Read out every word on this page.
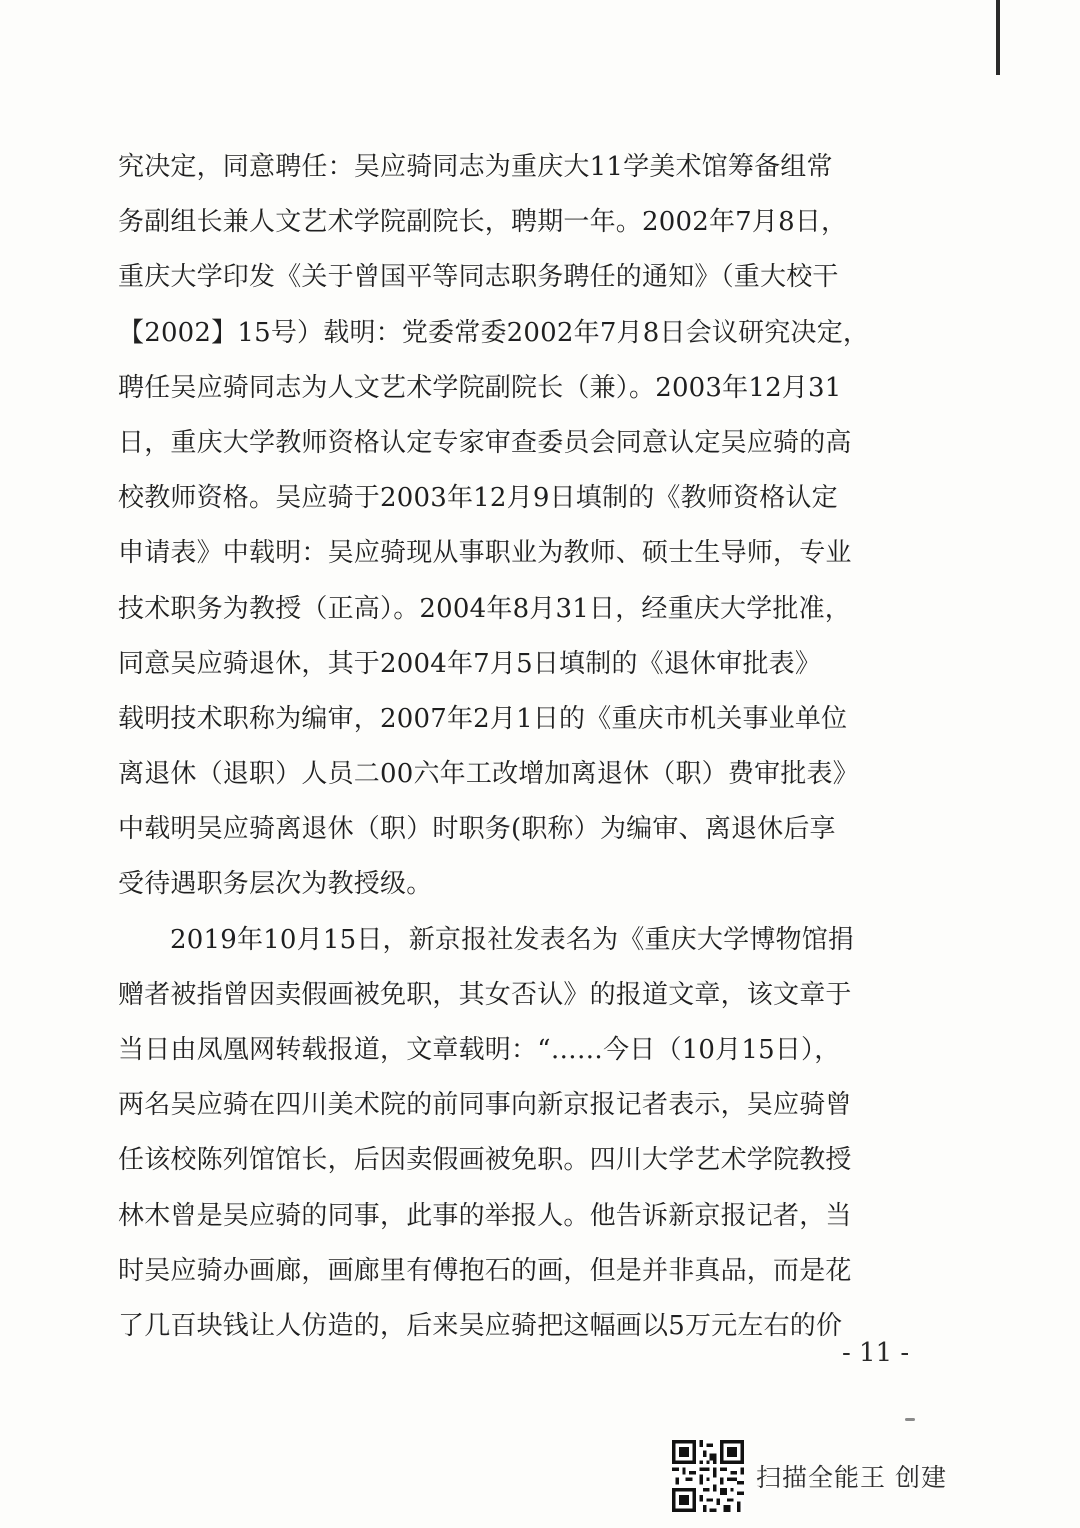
究决定，同意聘任：吴应骑同志为重庆大11学美术馆筹备组常
务副组长兼人文艺术学院副院长，聘期一年。2002年7月8日，
重庆大学印发《关于曾国平等同志职务聘任的通知》（重大校干
【2002】15号）载明：党委常委2002年7月8日会议研究决定，
聘任吴应骑同志为人文艺术学院副院长（兼）。2003年12月31
日，重庆大学教师资格认定专家审查委员会同意认定吴应骑的高
校教师资格。吴应骑于2003年12月9日填制的《教师资格认定
申请表》中载明：吴应骑现从事职业为教师、硕士生导师，专业
技术职务为教授（正高）。2004年8月31日，经重庆大学批准，
同意吴应骑退休，其于2004年7月5日填制的《退休审批表》
载明技术职称为编审，2007年2月1日的《重庆市机关事业单位
离退休（退职）人员二00六年工改增加离退休（职）费审批表》
中载明吴应骑离退休（职）时职务(职称）为编审、离退休后享
受待遇职务层次为教授级。
2019年10月15日，新京报社发表名为《重庆大学博物馆捐
赠者被指曾因卖假画被免职，其女否认》的报道文章，该文章于
当日由凤凰网转载报道，文章载明：“……今日（10月15日），
两名吴应骑在四川美术院的前同事向新京报记者表示，吴应骑曾
任该校陈列馆馆长，后因卖假画被免职。四川大学艺术学院教授
林木曾是吴应骑的同事，此事的举报人。他告诉新京报记者，当
时吴应骑办画廊，画廊里有傅抱石的画，但是并非真品，而是花
了几百块钱让人仿造的，后来吴应骑把这幅画以5万元左右的价
- 11 -
扫描全能王 创建
